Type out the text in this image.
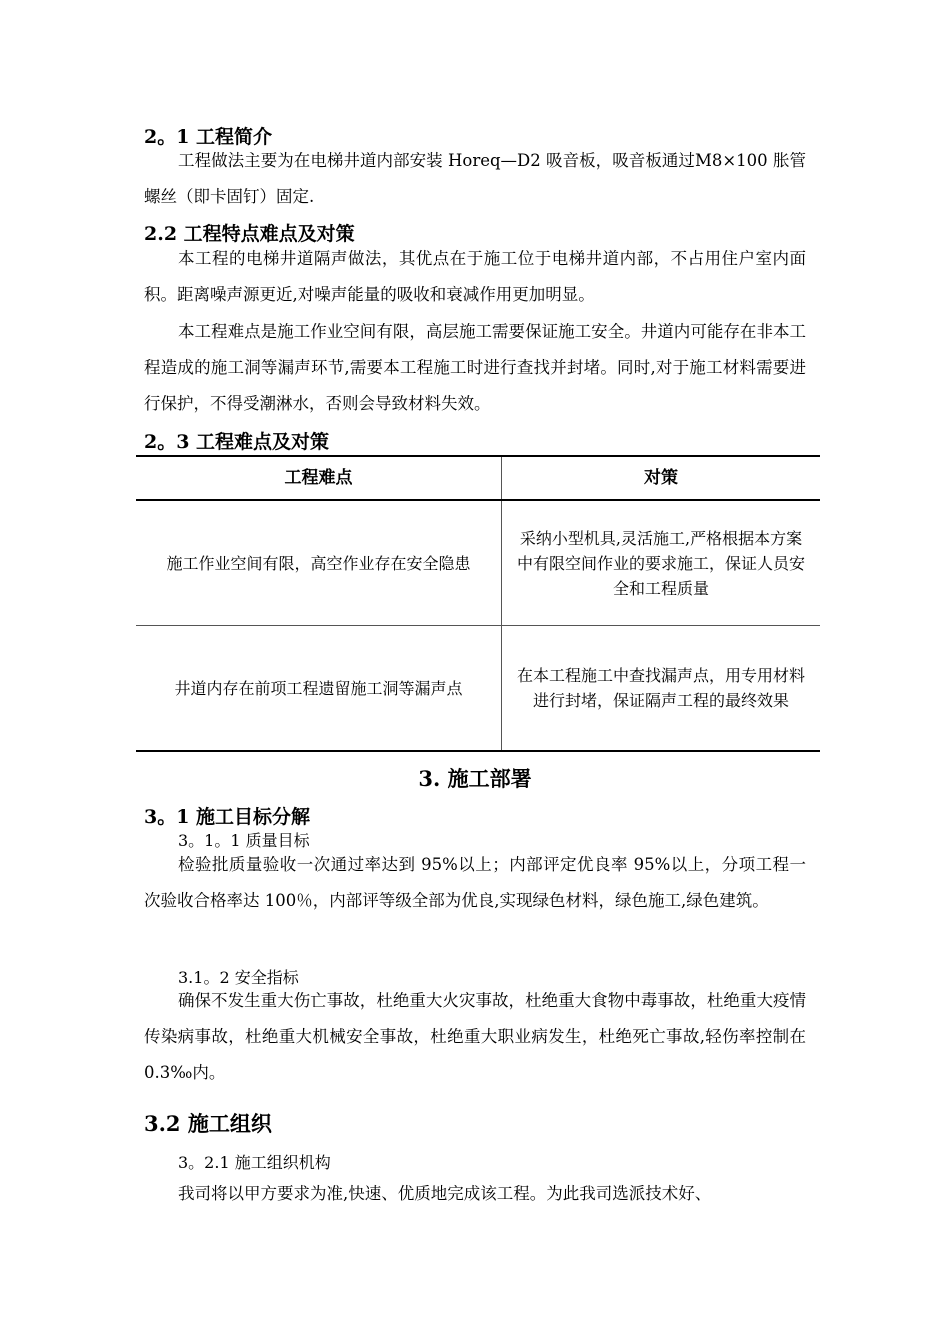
2。1 工程简介
工程做法主要为在电梯井道内部安装 Horeq—D2 吸音板，吸音板通过M8×100 胀管螺丝（即卡固钉）固定.
2.2 工程特点难点及对策
本工程的电梯井道隔声做法，其优点在于施工位于电梯井道内部，不占用住户室内面积。距离噪声源更近,对噪声能量的吸收和衰减作用更加明显。
本工程难点是施工作业空间有限，高层施工需要保证施工安全。井道内可能存在非本工程造成的施工洞等漏声环节,需要本工程施工时进行查找并封堵。同时,对于施工材料需要进行保护，不得受潮淋水，否则会导致材料失效。
2。3 工程难点及对策
工程难点	对策
施工作业空间有限，高空作业存在安全隐患	采纳小型机具,灵活施工,严格根据本方案中有限空间作业的要求施工，保证人员安全和工程质量
井道内存在前项工程遗留施工洞等漏声点	在本工程施工中查找漏声点，用专用材料进行封堵，保证隔声工程的最终效果
3. 施工部署
3。1 施工目标分解
3。1。1 质量目标
检验批质量验收一次通过率达到 95%以上；内部评定优良率 95%以上，分项工程一次验收合格率达 100％，内部评等级全部为优良,实现绿色材料，绿色施工,绿色建筑。
3.1。2 安全指标
确保不发生重大伤亡事故，杜绝重大火灾事故，杜绝重大食物中毒事故，杜绝重大疫情传染病事故，杜绝重大机械安全事故，杜绝重大职业病发生，杜绝死亡事故,轻伤率控制在 0.3‰内。
3.2 施工组织
3。2.1 施工组织机构
我司将以甲方要求为准,快速、优质地完成该工程。为此我司选派技术好、
